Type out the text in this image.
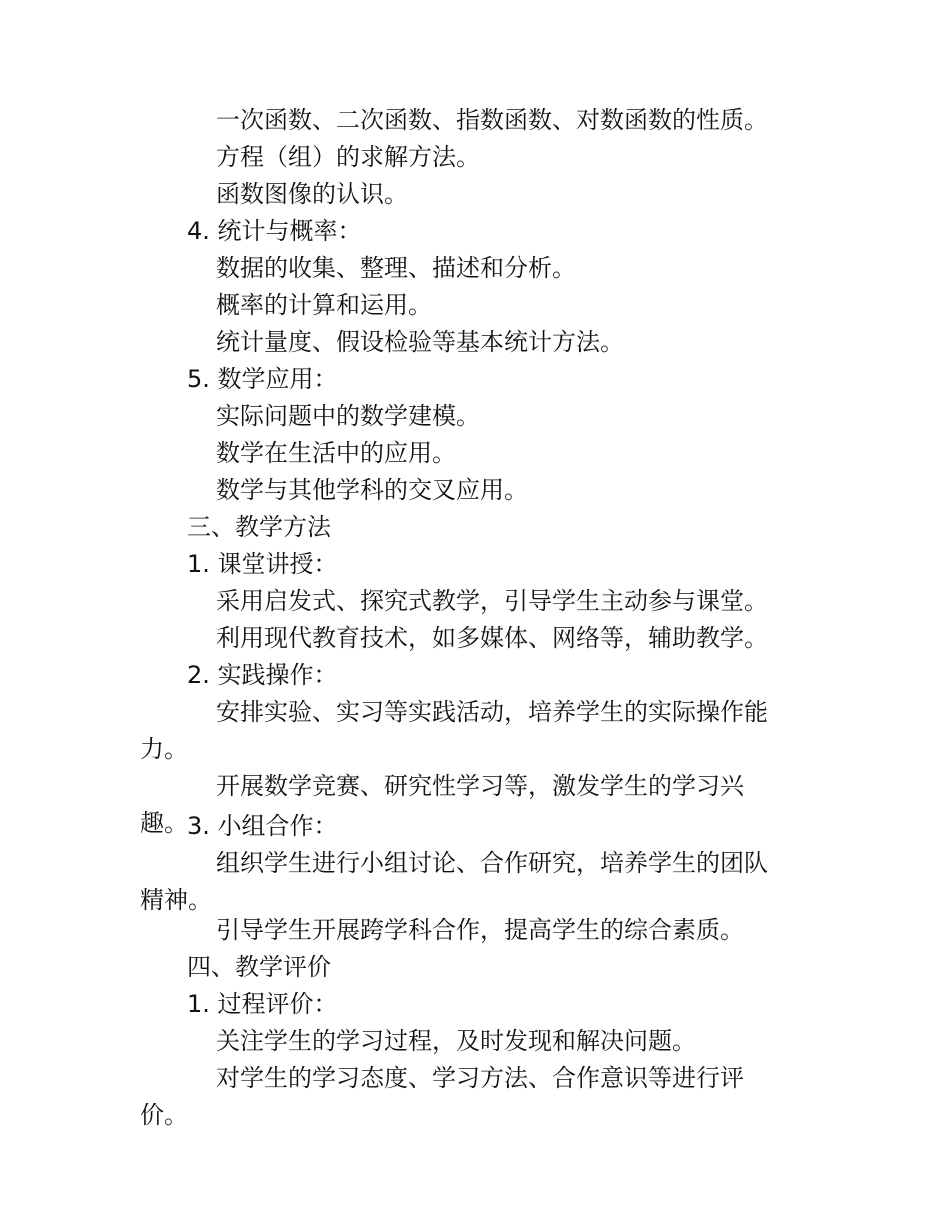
一次函数、二次函数、指数函数、对数函数的性质。
方程（组）的求解方法。
函数图像的认识。
4. 统计与概率：
数据的收集、整理、描述和分析。
概率的计算和运用。
统计量度、假设检验等基本统计方法。
5. 数学应用：
实际问题中的数学建模。
数学在生活中的应用。
数学与其他学科的交叉应用。
三、教学方法
1. 课堂讲授：
采用启发式、探究式教学，引导学生主动参与课堂。
利用现代教育技术，如多媒体、网络等，辅助教学。
2. 实践操作：
安排实验、实习等实践活动，培养学生的实际操作能力。
开展数学竞赛、研究性学习等，激发学生的学习兴趣。 3. 小组合作：
组织学生进行小组讨论、合作研究，培养学生的团队精神。
引导学生开展跨学科合作，提高学生的综合素质。
四、教学评价
1. 过程评价：
关注学生的学习过程，及时发现和解决问题。
对学生的学习态度、学习方法、合作意识等进行评价。
